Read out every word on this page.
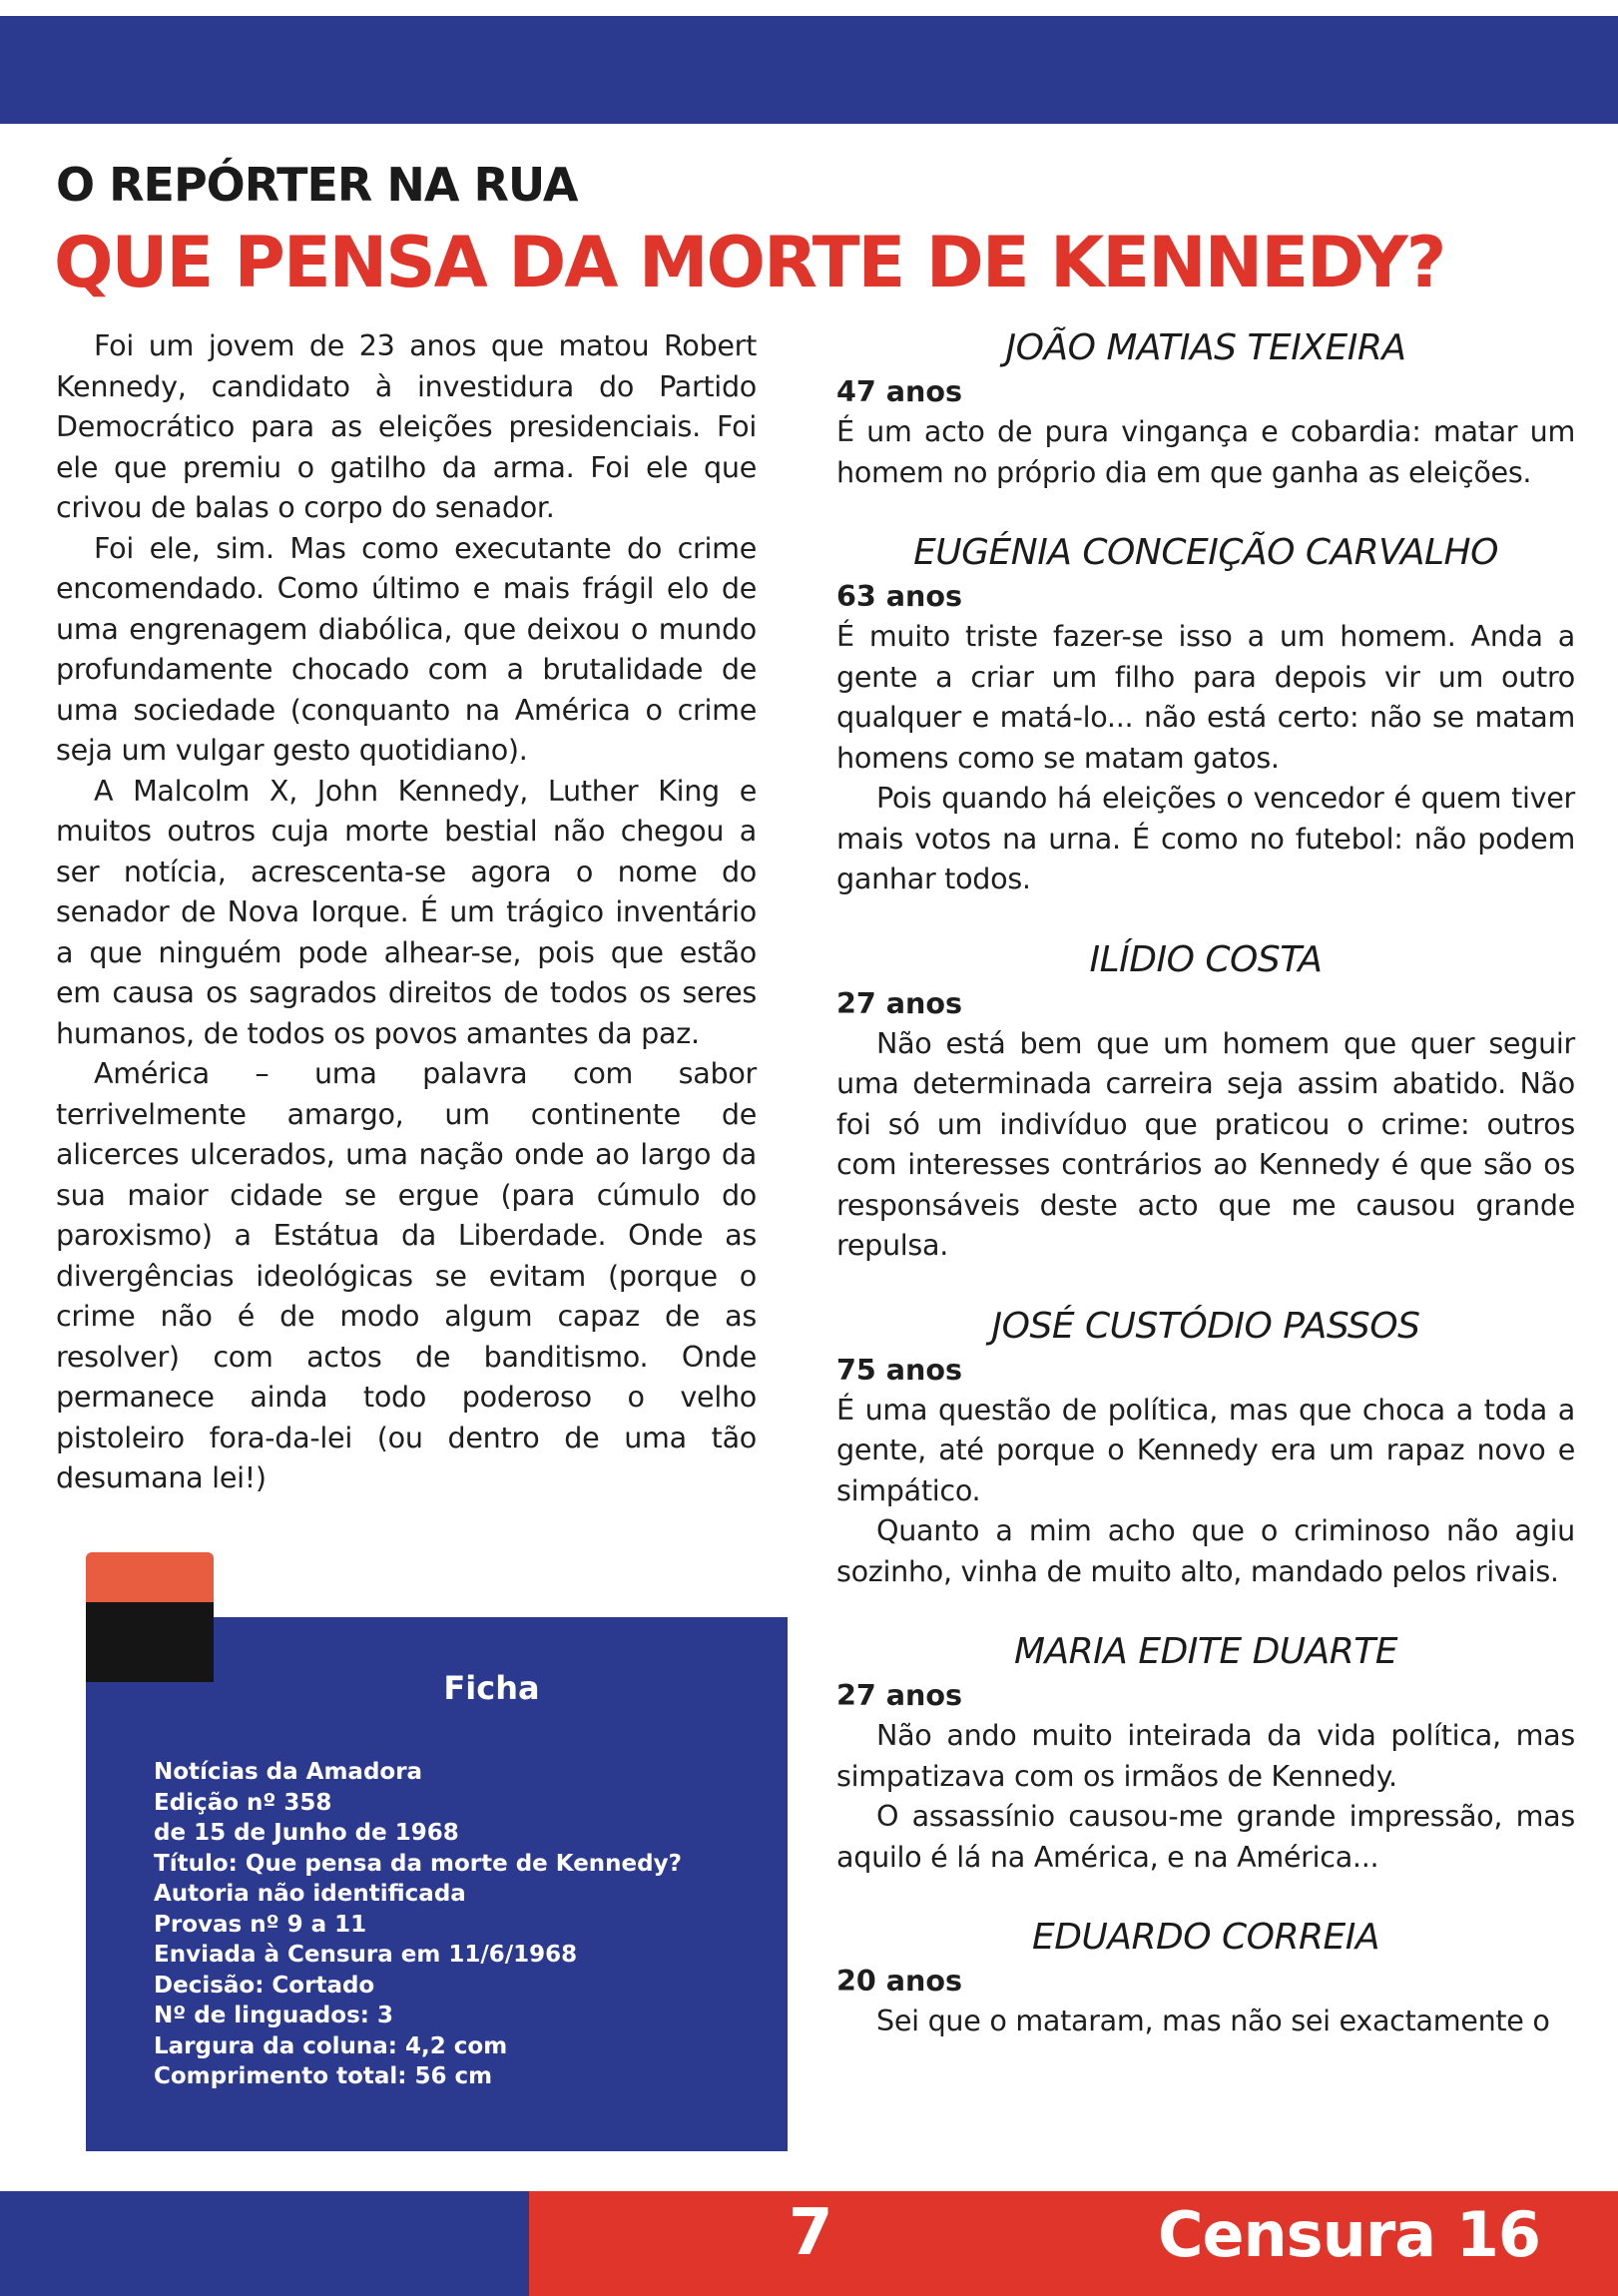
O REPÓRTER NA RUA
QUE PENSA DA MORTE DE KENNEDY?

Foi um jovem de 23 anos que matou Robert Kennedy, candidato à investidura do Partido Democrático para as eleições presidenciais. Foi ele que premiu o gatilho da arma. Foi ele que crivou de balas o corpo do senador.

Foi ele, sim. Mas como executante do crime encomendado. Como último e mais frágil elo de uma engrenagem diabólica, que deixou o mundo profundamente chocado com a brutalidade de uma sociedade (conquanto na América o crime seja um vulgar gesto quotidiano).

A Malcolm X, John Kennedy, Luther King e muitos outros cuja morte bestial não chegou a ser notícia, acrescenta-se agora o nome do senador de Nova Iorque. É um trágico inventário a que ninguém pode alhear-se, pois que estão em causa os sagrados direitos de todos os seres humanos, de todos os povos amantes da paz.

América – uma palavra com sabor terrivelmente amargo, um continente de alicerces ulcerados, uma nação onde ao largo da sua maior cidade se ergue (para cúmulo do paroxismo) a Estátua da Liberdade. Onde as divergências ideológicas se evitam (porque o crime não é de modo algum capaz de as resolver) com actos de banditismo. Onde permanece ainda todo poderoso o velho pistoleiro fora-da-lei (ou dentro de uma tão desumana lei!)

JOÃO MATIAS TEIXEIRA
47 anos

É um acto de pura vingança e cobardia: matar um homem no próprio dia em que ganha as eleições.

EUGÉNIA CONCEIÇÃO CARVALHO
63 anos

É muito triste fazer-se isso a um homem. Anda a gente a criar um filho para depois vir um outro qualquer e matá-lo... não está certo: não se matam homens como se matam gatos.

Pois quando há eleições o vencedor é quem tiver mais votos na urna. É como no futebol: não podem ganhar todos.

ILÍDIO COSTA
27 anos

Não está bem que um homem que quer seguir uma determinada carreira seja assim abatido. Não foi só um indivíduo que praticou o crime: outros com interesses contrários ao Kennedy é que são os responsáveis deste acto que me causou grande repulsa.

JOSÉ CUSTÓDIO PASSOS
75 anos

É uma questão de política, mas que choca a toda a gente, até porque o Kennedy era um rapaz novo e simpático.

Quanto a mim acho que o criminoso não agiu sozinho, vinha de muito alto, mandado pelos rivais.

MARIA EDITE DUARTE
27 anos

Não ando muito inteirada da vida política, mas simpatizava com os irmãos de Kennedy.

O assassínio causou-me grande impressão, mas aquilo é lá na América, e na América...

EDUARDO CORREIA
20 anos

Sei que o mataram, mas não sei exactamente o

Ficha
Notícias da Amadora
Edição nº 358
de 15 de Junho de 1968
Título: Que pensa da morte de Kennedy?
Autoria não identificada
Provas nº 9 a 11
Enviada à Censura em 11/6/1968
Decisão: Cortado
Nº de linguados: 3
Largura da coluna: 4,2 com
Comprimento total: 56 cm
7	Censura 16
